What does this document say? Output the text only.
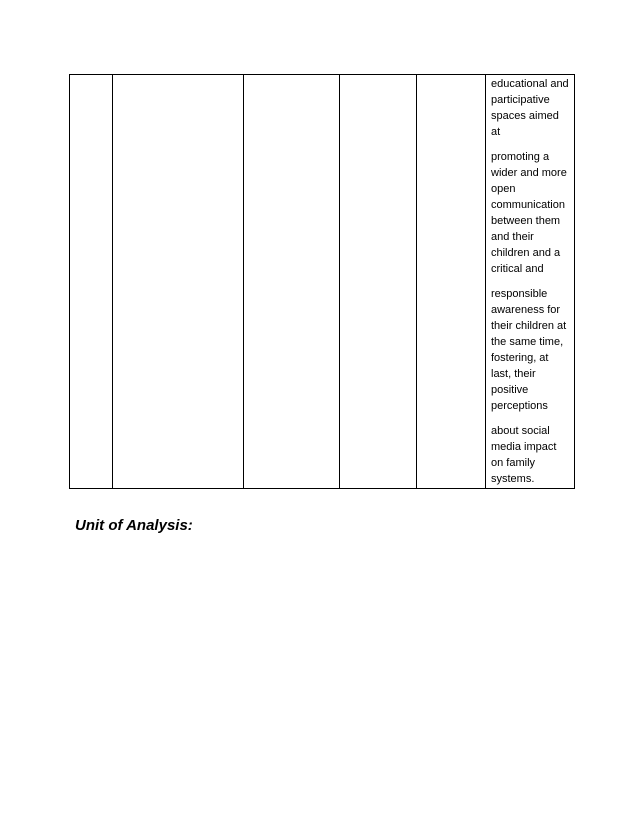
educational and
participative
spaces aimed at

promoting a
wider and more
open
communication
between them
and their
children and a
critical and

responsible
awareness for
their children at
the same time,
fostering, at
last, their
positive
perceptions

about social
media impact
on family
systems.

Unit of Analysis:
